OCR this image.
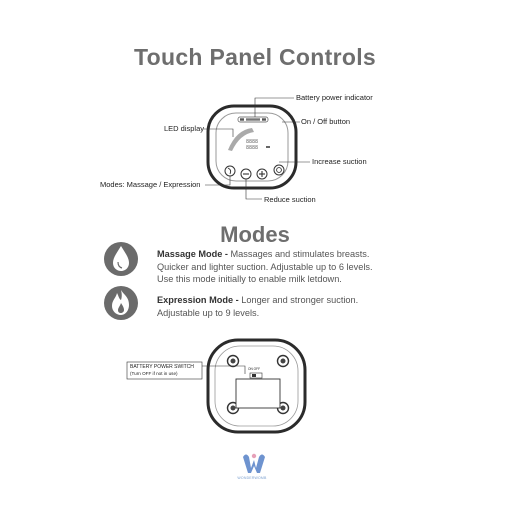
Touch Panel Controls
Modes
8888
8888
Battery power indicator
LED display
On / Off button
Increase suction
Modes: Massage / Expression
Reduce suction
Massage Mode - Massages and stimulates breasts.
Quicker and lighter suction. Adjustable up to 6 levels.
Use this mode initially to enable milk letdown.
Expression Mode - Longer and stronger suction.
Adjustable up to 9 levels.
BATTERY POWER SWITCH
(Turn OFF if not in use)
ON OFF
WONDERWOMB
